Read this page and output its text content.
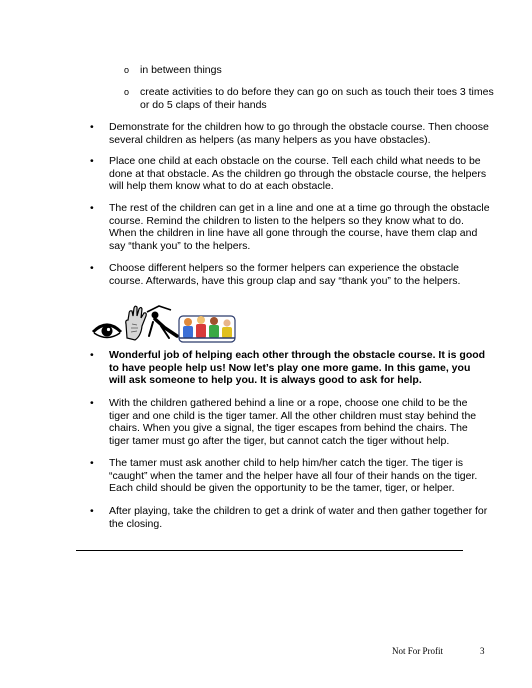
o in between things
o create activities to do before they can go on such as touch their toes 3 times or do 5 claps of their hands
• Demonstrate for the children how to go through the obstacle course. Then choose several children as helpers (as many helpers as you have obstacles).
• Place one child at each obstacle on the course. Tell each child what needs to be done at that obstacle. As the children go through the obstacle course, the helpers will help them know what to do at each obstacle.
• The rest of the children can get in a line and one at a time go through the obstacle course. Remind the children to listen to the helpers so they know what to do. When the children in line have all gone through the course, have them clap and say “thank you” to the helpers.
• Choose different helpers so the former helpers can experience the obstacle course. Afterwards, have this group clap and say “thank you” to the helpers.
• Wonderful job of helping each other through the obstacle course. It is good to have people help us! Now let’s play one more game. In this game, you will ask someone to help you. It is always good to ask for help.
• With the children gathered behind a line or a rope, choose one child to be the tiger and one child is the tiger tamer. All the other children must stay behind the chairs. When you give a signal, the tiger escapes from behind the chairs. The tiger tamer must go after the tiger, but cannot catch the tiger without help.
• The tamer must ask another child to help him/her catch the tiger. The tiger is “caught” when the tamer and the helper have all four of their hands on the tiger. Each child should be given the opportunity to be the tamer, tiger, or helper.
• After playing, take the children to get a drink of water and then gather together for the closing.
Not For Profit	3
